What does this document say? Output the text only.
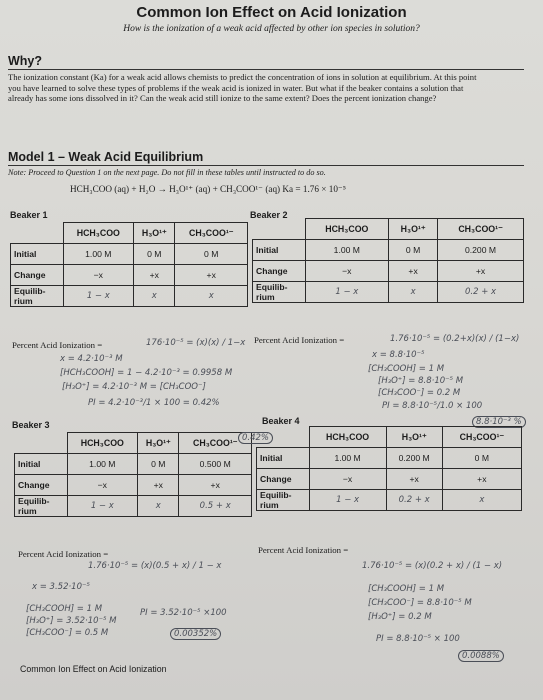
Common Ion Effect on Acid Ionization
How is the ionization of a weak acid affected by other ion species in solution?
Why?
The ionization constant (Ka) for a weak acid allows chemists to predict the concentration of ions in solution at equilibrium. At this point you have learned to solve these types of problems if the weak acid is ionized in water. But what if the beaker contains a solution that already has some ions dissolved in it? Can the weak acid still ionize to the same extent? Does the percent ionization change?
Model 1 – Weak Acid Equilibrium
Note: Proceed to Question 1 on the next page. Do not fill in these tables until instructed to do so.
HCH₃COO (aq) + H₂O → H₃O¹⁺ (aq) + CH₃COO¹⁻ (aq) Ka = 1.76 × 10⁻⁵
Beaker 1
	HCH₃COO	H₃O¹⁺	CH₃COO¹⁻
Initial	1.00 M	0 M	0 M
Change	−x	+x	+x
Equilib-rium	1 − x	x	x
Beaker 2
	HCH₃COO	H₃O¹⁺	CH₃COO¹⁻
Initial	1.00 M	0 M	0.200 M
Change	−x	+x	+x
Equilib-rium	1 − x	x	0.2 + x
Percent Acid Ionization =	Percent Acid Ionization =
176·10⁻⁵ = (x)(x) / 1−x
x = 4.2·10⁻³ M
[HCH₃COOH] = 1 − 4.2·10⁻³ = 0.9958 M
[H₃O⁺] = 4.2·10⁻³ M = [CH₃COO⁻]
PI = 4.2·10⁻³/1 × 100 = 0.42%
1.76·10⁻⁵ = (0.2+x)(x) / (1−x)
x = 8.8·10⁻⁵
[CH₃COOH] = 1 M
[H₃O⁺] = 8.8·10⁻⁵ M
[CH₃COO⁻] = 0.2 M
PI = 8.8·10⁻⁵/1.0 × 100
8.8·10⁻³ %
Beaker 3
	HCH₃COO	H₃O¹⁺	CH₃COO¹⁻
Initial	1.00 M	0 M	0.500 M
Change	−x	+x	+x
Equilib-rium	1 − x	x	0.5 + x
Beaker 4
	HCH₃COO	H₃O¹⁺	CH₃COO¹⁻
Initial	1.00 M	0.200 M	0 M
Change	−x	+x	+x
Equilib-rium	1 − x	0.2 + x	x
0.42%
Percent Acid Ionization =	Percent Acid Ionization =
1.76·10⁻⁵ = (x)(0.5 + x) / 1 − x
x = 3.52·10⁻⁵
[CH₃COOH] = 1 M
[H₃O⁺] = 3.52·10⁻⁵ M
[CH₃COO⁻] = 0.5 M
PI = 3.52·10⁻⁵ ×100
0.00352%
1.76·10⁻⁵ = (x)(0.2 + x) / (1 − x)
[CH₃COOH] = 1 M
[CH₃COO⁻] = 8.8·10⁻⁵ M
[H₃O⁺] = 0.2 M
PI = 8.8·10⁻⁵ × 100
0.0088%
Common Ion Effect on Acid Ionization
